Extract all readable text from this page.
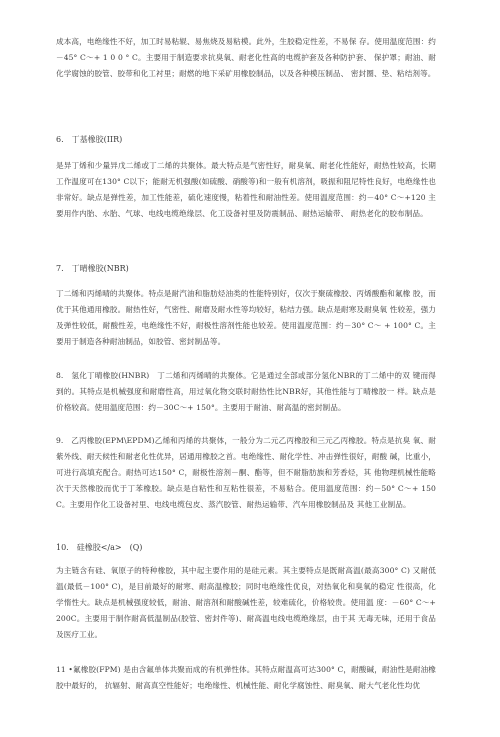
成本高，电绝缘性不好，加工时易粘辊、易焦烧及易粘模。此外，生胶稳定性差，不易保 存。使用温度范围：约－45° C～+ 1 0 0 ° C。主要用于制造要求抗臭氧、耐老化性高的电缆护套及各种防护套、 保护罩；耐油、耐化学腐蚀的胶管、胶带和化工衬里；耐燃的地下采矿用橡胶制品，以及各种模压制品、 密封圈、垫、粘结剂等。
6.　丁基橡胶(IIR)
是异丁烯和少量异戊二烯或丁二烯的共聚体。最大特点是气密性好，耐臭氧、耐老化性能好，耐热性较高，长期工作温度可在130° C以下；能耐无机强酸(如硫酸、硝酸等)和一般有机溶剂，吸振和阻尼特性良好，电绝缘性也非常好。缺点是弹性差，加工性能差，硫化速度慢，粘着性和耐油性差。使用温度范围：约－40° C～+120 主要用作内胎、水胎、气球、电线电缆绝缘层、化工设备衬里及防震制品、耐热运输带、 耐热老化的胶布制品。
7.　丁晴橡胶(NBR)
丁二烯和丙烯晴的共聚体。特点是耐汽油和脂肪烃油类的性能特别好，仅次于聚硫橡胶、丙烯酸酯和氟橡 胶，而优于其他通用橡胶。耐热性好，气密性、耐磨及耐水性等均较好，粘结力强。缺点是耐寒及耐臭氧 性较差，强力及弹性较低，耐酸性差，电绝缘性不好，耐极性溶剂性能也较差。使用温度范围：约－30° C～ + 100° C。主要用于制造各种耐油制品，如胶管、密封制品等。
8.　氢化丁晴橡胶(HNBR)　丁二烯和丙烯晴的共聚体。它是通过全部或部分氢化NBR的丁二烯中的双 键而得到的。其特点是机械强度和耐磨性高，用过氧化物交联时耐热性比NBR好，其他性能与丁晴橡胶一 样。缺点是价格较高。使用温度范围：约－30C～+ 150°。主要用于耐油、耐高温的密封制品。
9.　乙丙橡胶(EPM\EPDM)乙烯和丙烯的共聚体，一般分为二元乙丙橡胶和三元乙丙橡胶。特点是抗臭 氧、耐紫外线、耐天候性和耐老化性优异，居通用橡胶之首。电绝缘性、耐化学性、冲击弹性很好，耐酸 碱，比重小，可进行高填充配合。耐热可达150° C，耐极性溶剂－酮、酯等，但不耐脂肪族和芳香烃，其 他物理机械性能略次于天然橡胶而优于丁苯橡胶。缺点是自粘性和互粘性很差，不易粘合。使用温度范围：约－50° C～+ 150C。主要用作化工设备衬里、电线电缆包皮、蒸汽胶管、耐热运输带、汽车用橡胶制品及 其他工业制品。
10.　硅橡胶</a>　(Q)
为主链含有硅、氧原子的特种橡胶，其中起主要作用的是硅元素。其主要特点是既耐高温(最高300° C) 又耐低温(最低－100° C)，是目前最好的耐寒、耐高温橡胶；同时电绝缘性优良，对热氧化和臭氧的稳定 性很高，化学惰性大。缺点是机械强度较低，耐油、耐溶剂和耐酸碱性差，较难硫化，价格较贵。使用温 度：－60° C～+ 200C。主要用于制作耐高低温制品(胶管、密封件等)、耐高温电线电缆绝缘层，由于其 无毒无味，还用于食品及医疗工业。
11 •氟橡胶(FPM) 是由含氟单体共聚而成的有机弹性体。其特点耐温高可达300° C，耐酸碱，耐油性是耐油橡胶中最好的， 抗辐射、耐高真空性能好；电绝缘性、机械性能、耐化学腐蚀性、耐臭氧、耐大气老化性均优
